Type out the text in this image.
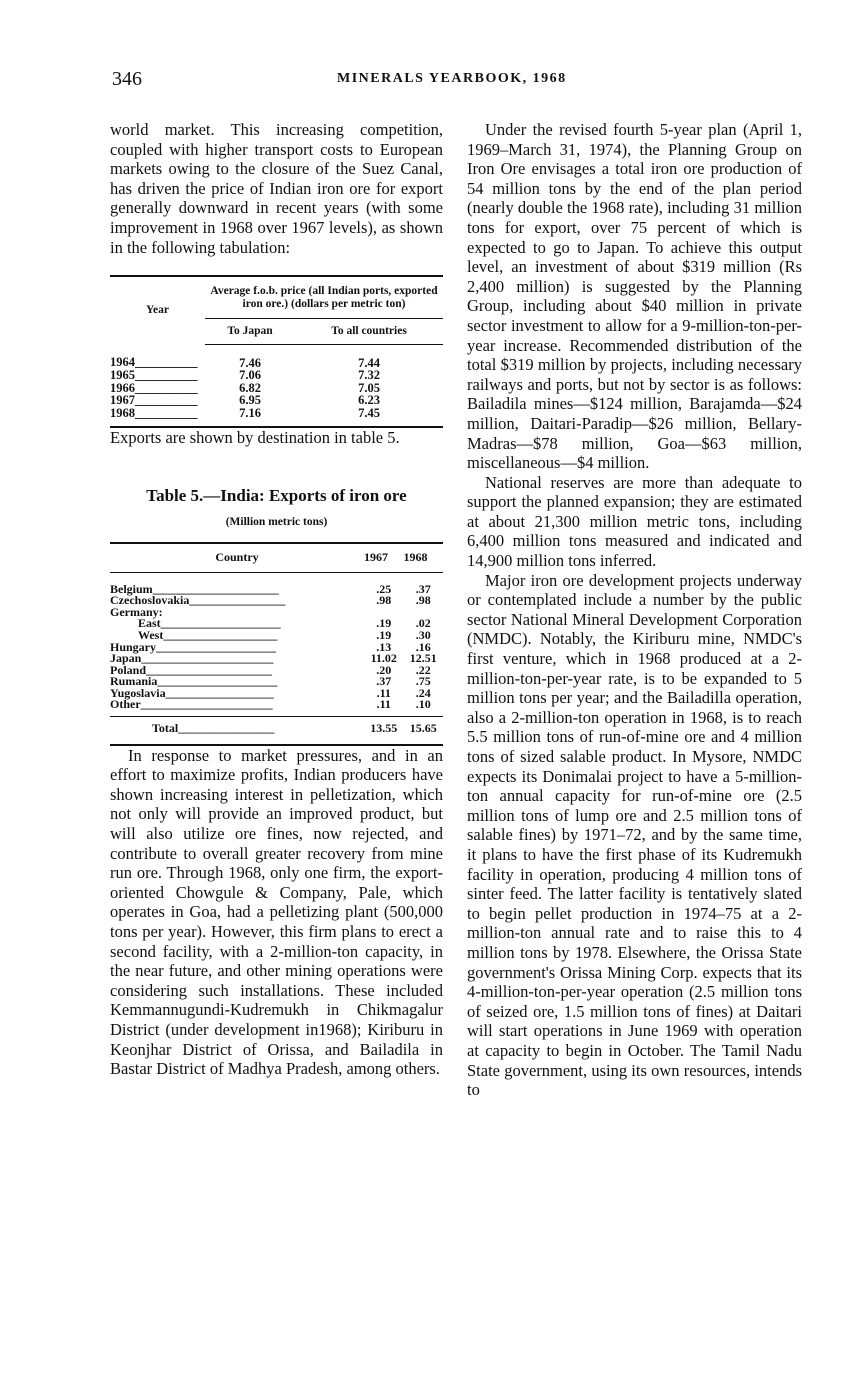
346	MINERALS YEARBOOK, 1968

world market. This increasing competition, coupled with higher transport costs to European markets owing to the closure of the Suez Canal, has driven the price of Indian iron ore for export generally downward in recent years (with some improvement in 1968 over 1967 levels), as shown in the following tabulation:

Year	Average f.o.b. price (all Indian ports, exported iron ore.) (dollars per metric ton)	
	To Japan	To all countries
1964__________	7.46	7.44
1965__________	7.06	7.32
1966__________	6.82	7.05
1967__________	6.95	6.23
1968__________	7.16	7.45

Exports are shown by destination in table 5.

Table 5.—India: Exports of iron ore
(Million metric tons)
Country	1967	1968
Belgium_____________________	.25	.37
Czechoslovakia________________	.98	.98
Germany:		
East____________________	.19	.02
West___________________	.19	.30
Hungary____________________	.13	.16
Japan______________________	11.02	12.51
Poland_____________________	.20	.22
Rumania____________________	.37	.75
Yugoslavia__________________	.11	.24
Other______________________	.11	.10
Total________________	13.55	15.65

In response to market pressures, and in an effort to maximize profits, Indian producers have shown increasing interest in pelletization, which not only will provide an improved product, but will also utilize ore fines, now rejected, and contribute to overall greater recovery from mine run ore. Through 1968, only one firm, the export-oriented Chowgule & Company, Pale, which operates in Goa, had a pelletizing plant (500,000 tons per year). However, this firm plans to erect a second facility, with a 2-million-ton capacity, in the near future, and other mining operations were considering such installations. These included Kemmannugundi-Kudremukh in Chikmagalur District (under development in1968); Kiriburu in Keonjhar District of Orissa, and Bailadila in Bastar District of Madhya Pradesh, among others.

Under the revised fourth 5-year plan (April 1, 1969–March 31, 1974), the Planning Group on Iron Ore envisages a total iron ore production of 54 million tons by the end of the plan period (nearly double the 1968 rate), including 31 million tons for export, over 75 percent of which is expected to go to Japan. To achieve this output level, an investment of about $319 million (Rs 2,400 million) is suggested by the Planning Group, including about $40 million in private sector investment to allow for a 9-million-ton-per-year increase. Recommended distribution of the total $319 million by projects, including necessary railways and ports, but not by sector is as follows: Bailadila mines—$124 million, Barajamda—$24 million, Daitari-Paradip—$26 million, Bellary-Madras—$78 million, Goa—$63 million, miscellaneous—$4 million.

National reserves are more than adequate to support the planned expansion; they are estimated at about 21,300 million metric tons, including 6,400 million tons measured and indicated and 14,900 million tons inferred.

Major iron ore development projects underway or contemplated include a number by the public sector National Mineral Development Corporation (NMDC). Notably, the Kiriburu mine, NMDC's first venture, which in 1968 produced at a 2-million-ton-per-year rate, is to be expanded to 5 million tons per year; and the Bailadilla operation, also a 2-million-ton operation in 1968, is to reach 5.5 million tons of run-of-mine ore and 4 million tons of sized salable product. In Mysore, NMDC expects its Donimalai project to have a 5-million-ton annual capacity for run-of-mine ore (2.5 million tons of lump ore and 2.5 million tons of salable fines) by 1971–72, and by the same time, it plans to have the first phase of its Kudremukh facility in operation, producing 4 million tons of sinter feed. The latter facility is tentatively slated to begin pellet production in 1974–75 at a 2-million-ton annual rate and to raise this to 4 million tons by 1978. Elsewhere, the Orissa State government's Orissa Mining Corp. expects that its 4-million-ton-per-year operation (2.5 million tons of seized ore, 1.5 million tons of fines) at Daitari will start operations in June 1969 with operation at capacity to begin in October. The Tamil Nadu State government, using its own resources, intends to
